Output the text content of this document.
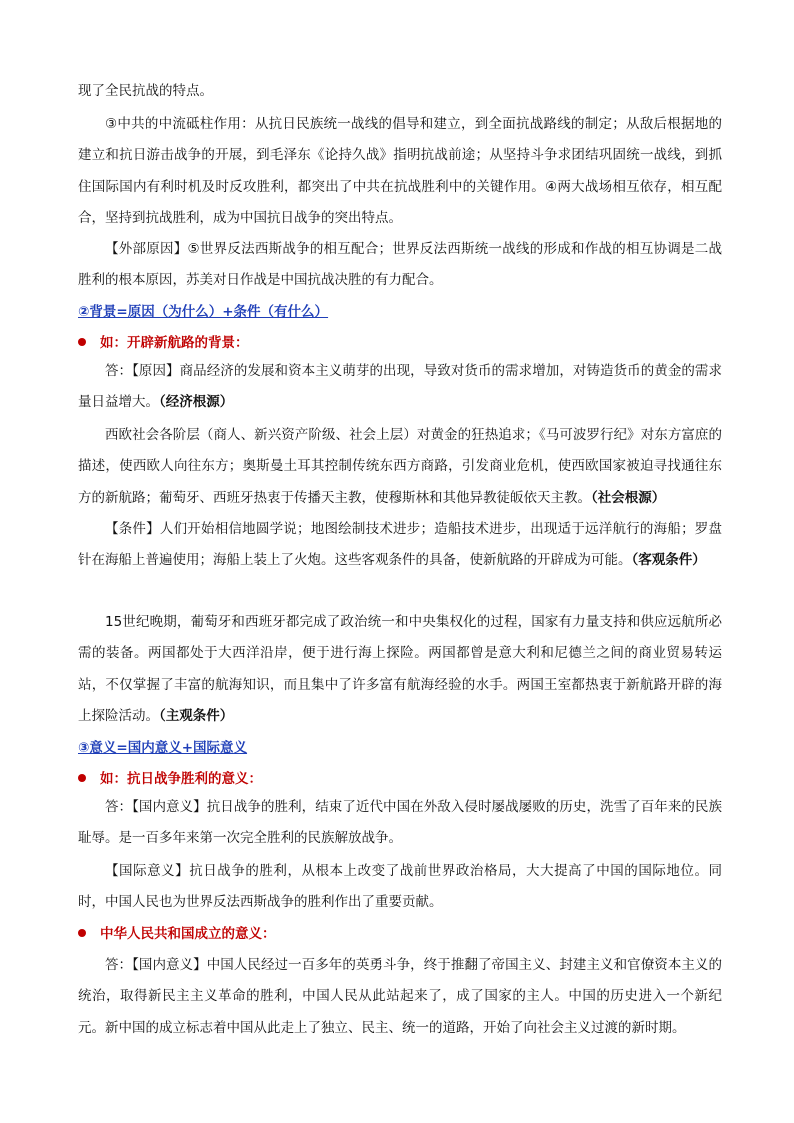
现了全民抗战的特点。

③中共的中流砥柱作用：从抗日民族统一战线的倡导和建立，到全面抗战路线的制定；从敌后根据地的建立和抗日游击战争的开展，到毛泽东《论持久战》指明抗战前途；从坚持斗争求团结巩固统一战线，到抓住国际国内有利时机及时反攻胜利，都突出了中共在抗战胜利中的关键作用。④两大战场相互依存，相互配合，坚持到抗战胜利，成为中国抗日战争的突出特点。

【外部原因】⑤世界反法西斯战争的相互配合；世界反法西斯统一战线的形成和作战的相互协调是二战胜利的根本原因，苏美对日作战是中国抗战决胜的有力配合。

②背景=原因（为什么）+条件（有什么）

如：开辟新航路的背景：

答：【原因】商品经济的发展和资本主义萌芽的出现，导致对货币的需求增加，对铸造货币的黄金的需求量日益增大。（经济根源）

西欧社会各阶层（商人、新兴资产阶级、社会上层）对黄金的狂热追求；《马可波罗行纪》对东方富庶的描述，使西欧人向往东方；奥斯曼土耳其控制传统东西方商路，引发商业危机，使西欧国家被迫寻找通往东方的新航路；葡萄牙、西班牙热衷于传播天主教，使穆斯林和其他异教徒皈依天主教。（社会根源）

【条件】人们开始相信地圆学说；地图绘制技术进步；造船技术进步，出现适于远洋航行的海船；罗盘针在海船上普遍使用；海船上装上了火炮。这些客观条件的具备，使新航路的开辟成为可能。（客观条件）

15世纪晚期，葡萄牙和西班牙都完成了政治统一和中央集权化的过程，国家有力量支持和供应远航所必需的装备。两国都处于大西洋沿岸，便于进行海上探险。两国都曾是意大利和尼德兰之间的商业贸易转运站，不仅掌握了丰富的航海知识，而且集中了许多富有航海经验的水手。两国王室都热衷于新航路开辟的海上探险活动。（主观条件）

③意义=国内意义+国际意义

如：抗日战争胜利的意义：

答：【国内意义】抗日战争的胜利，结束了近代中国在外敌入侵时屡战屡败的历史，洗雪了百年来的民族耻辱。是一百多年来第一次完全胜利的民族解放战争。

【国际意义】抗日战争的胜利，从根本上改变了战前世界政治格局，大大提高了中国的国际地位。同时，中国人民也为世界反法西斯战争的胜利作出了重要贡献。

中华人民共和国成立的意义：

答：【国内意义】中国人民经过一百多年的英勇斗争，终于推翻了帝国主义、封建主义和官僚资本主义的统治，取得新民主主义革命的胜利，中国人民从此站起来了，成了国家的主人。中国的历史进入一个新纪元。新中国的成立标志着中国从此走上了独立、民主、统一的道路，开始了向社会主义过渡的新时期。
